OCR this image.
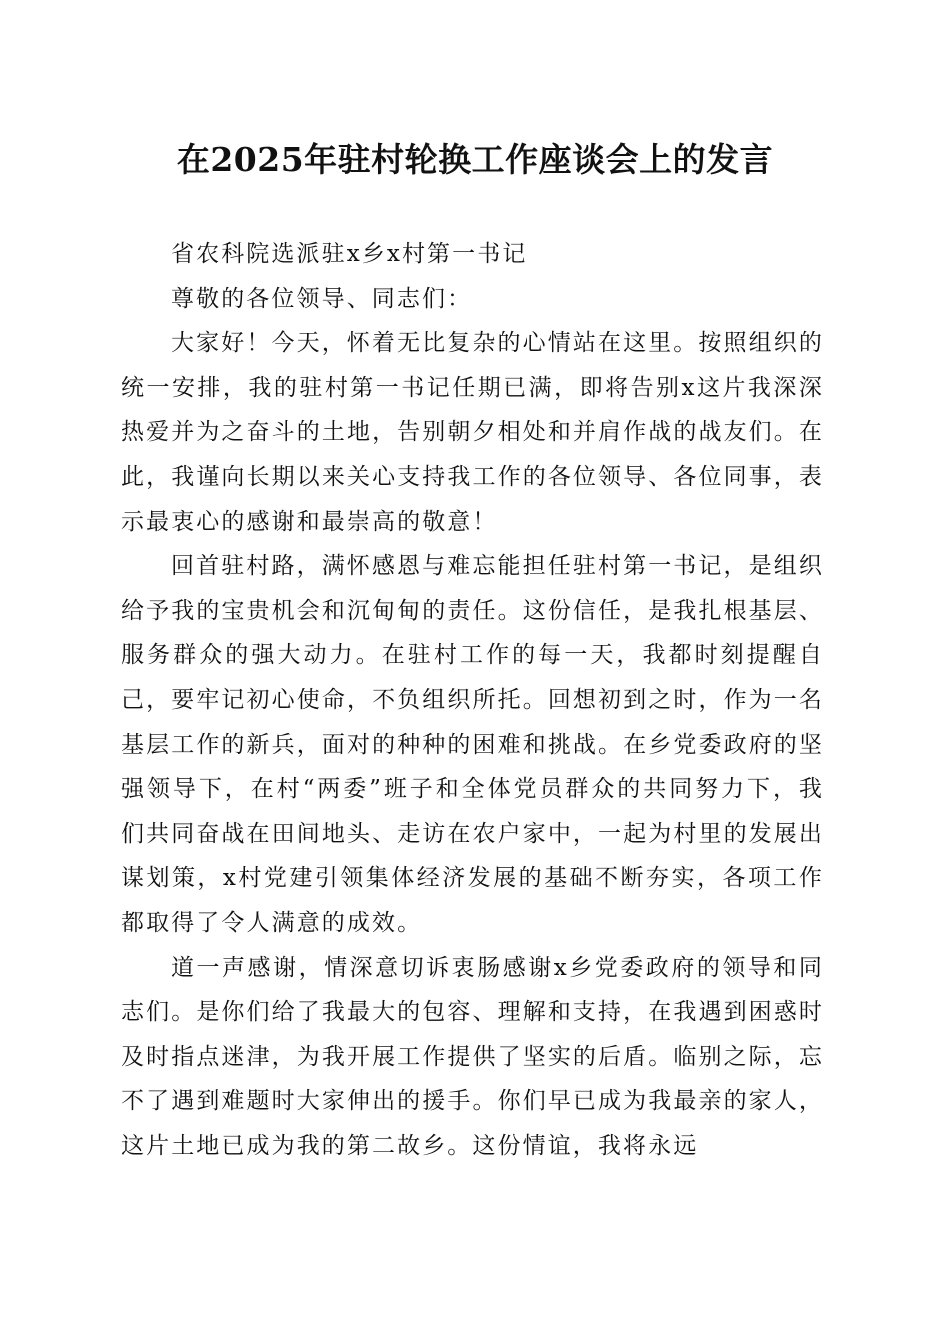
在2025年驻村轮换工作座谈会上的发言

省农科院选派驻x乡x村第一书记

尊敬的各位领导、同志们：

大家好！今天，怀着无比复杂的心情站在这里。按照组织的统一安排，我的驻村第一书记任期已满，即将告别x这片我深深热爱并为之奋斗的土地，告别朝夕相处和并肩作战的战友们。在此，我谨向长期以来关心支持我工作的各位领导、各位同事，表示最衷心的感谢和最崇高的敬意！

回首驻村路，满怀感恩与难忘能担任驻村第一书记，是组织给予我的宝贵机会和沉甸甸的责任。这份信任，是我扎根基层、服务群众的强大动力。在驻村工作的每一天，我都时刻提醒自己，要牢记初心使命，不负组织所托。回想初到之时，作为一名基层工作的新兵，面对的种种的困难和挑战。在乡党委政府的坚强领导下，在村“两委”班子和全体党员群众的共同努力下，我们共同奋战在田间地头、走访在农户家中，一起为村里的发展出谋划策，x村党建引领集体经济发展的基础不断夯实，各项工作都取得了令人满意的成效。

道一声感谢，情深意切诉衷肠感谢x乡党委政府的领导和同志们。是你们给了我最大的包容、理解和支持，在我遇到困惑时及时指点迷津，为我开展工作提供了坚实的后盾。临别之际，忘不了遇到难题时大家伸出的援手。你们早已成为我最亲的家人，这片土地已成为我的第二故乡。这份情谊，我将永远
